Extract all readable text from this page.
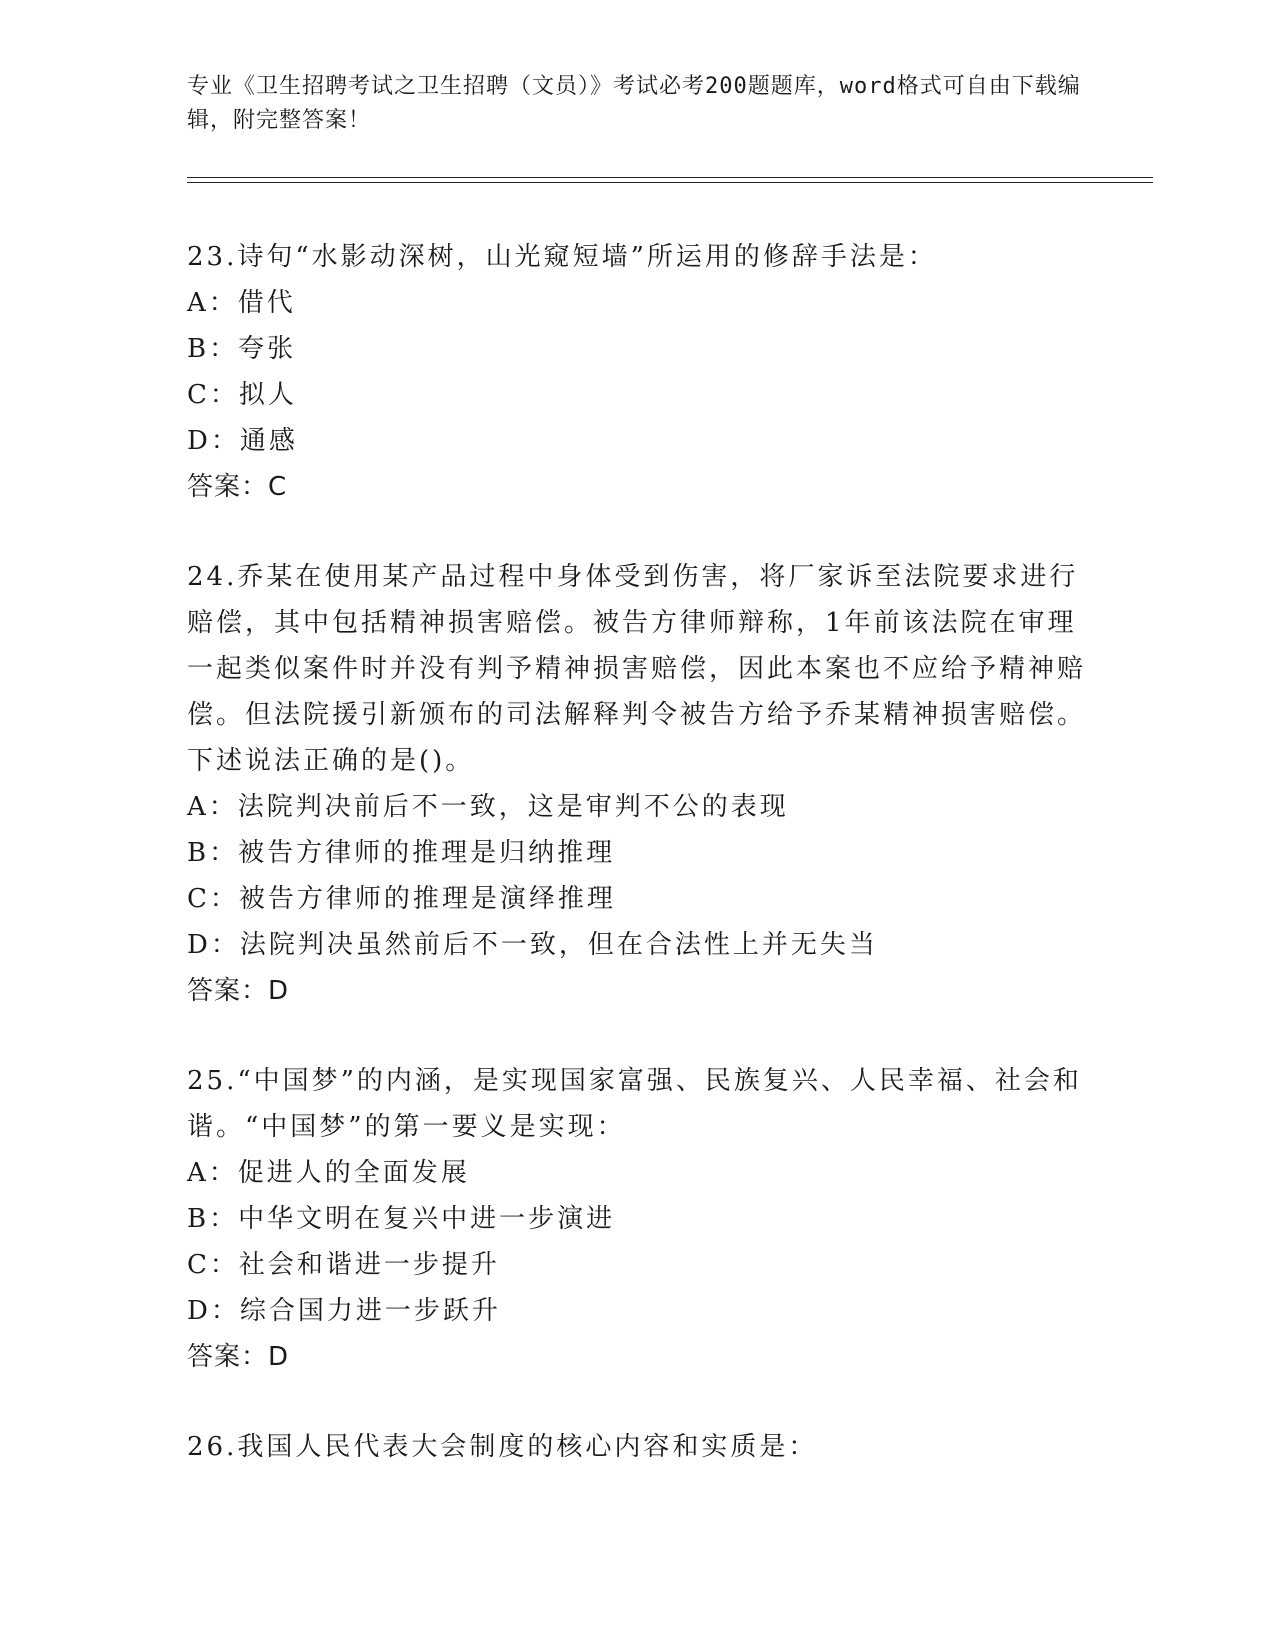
专业《卫生招聘考试之卫生招聘（文员）》考试必考200题题库，word格式可自由下载编辑，附完整答案！
23.诗句“水影动深树，山光窥短墙”所运用的修辞手法是：
A：借代
B：夸张
C：拟人
D：通感
答案：C
24.乔某在使用某产品过程中身体受到伤害，将厂家诉至法院要求进行赔偿，其中包括精神损害赔偿。被告方律师辩称，1年前该法院在审理一起类似案件时并没有判予精神损害赔偿，因此本案也不应给予精神赔偿。但法院援引新颁布的司法解释判令被告方给予乔某精神损害赔偿。下述说法正确的是()。
A：法院判决前后不一致，这是审判不公的表现
B：被告方律师的推理是归纳推理
C：被告方律师的推理是演绎推理
D：法院判决虽然前后不一致，但在合法性上并无失当
答案：D
25.“中国梦”的内涵，是实现国家富强、民族复兴、人民幸福、社会和谐。“中国梦”的第一要义是实现：
A：促进人的全面发展
B：中华文明在复兴中进一步演进
C：社会和谐进一步提升
D：综合国力进一步跃升
答案：D
26.我国人民代表大会制度的核心内容和实质是：
